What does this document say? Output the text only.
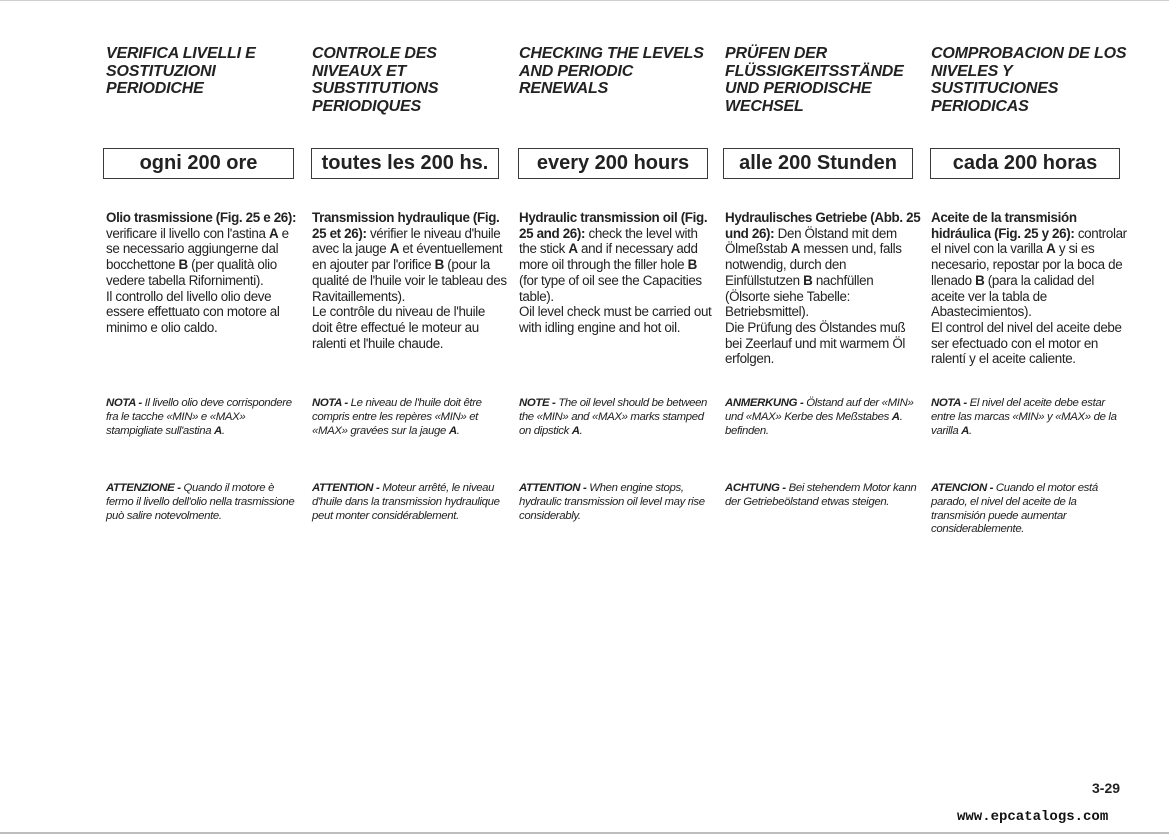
VERIFICA LIVELLI E SOSTITUZIONI PERIODICHE
ogni 200 ore
Olio trasmissione (Fig. 25 e 26): verificare il livello con l'astina A e se necessario aggiungerne dal bocchettone B (per qualità olio vedere tabella Rifornimenti).
Il controllo del livello olio deve essere effettuato con motore al minimo e olio caldo.
NOTA - Il livello olio deve corrispondere fra le tacche «MIN» e «MAX» stampigliate sull'astina A.
ATTENZIONE - Quando il motore è fermo il livello dell'olio nella trasmissione può salire notevolmente.
CONTROLE DES NIVEAUX ET SUBSTITUTIONS PERIODIQUES
toutes les 200 hs.
Transmission hydraulique (Fig. 25 et 26): vérifier le niveau d'huile avec la jauge A et éventuellement en ajouter par l'orifice B (pour la qualité de l'huile voir le tableau des Ravitaillements).
Le contrôle du niveau de l'huile doit être effectué le moteur au ralenti et l'huile chaude.
NOTA - Le niveau de l'huile doit être compris entre les repères «MIN» et «MAX» gravées sur la jauge A.
ATTENTION - Moteur arrêté, le niveau d'huile dans la transmission hydraulique peut monter considérablement.
CHECKING THE LEVELS AND PERIODIC RENEWALS
every 200 hours
Hydraulic transmission oil (Fig. 25 and 26): check the level with the stick A and if necessary add more oil through the filler hole B (for type of oil see the Capacities table).
Oil level check must be carried out with idling engine and hot oil.
NOTE - The oil level should be between the «MIN» and «MAX» marks stamped on dipstick A.
ATTENTION - When engine stops, hydraulic transmission oil level may rise considerably.
PRÜFEN DER FLÜSSIGKEITSSTÄNDE UND PERIODISCHE WECHSEL
alle 200 Stunden
Hydraulisches Getriebe (Abb. 25 und 26): Den Ölstand mit dem Ölmeßstab A messen und, falls notwendig, durch den Einfüllstutzen B nachfüllen (Ölsorte siehe Tabelle: Betriebsmittel).
Die Prüfung des Ölstandes muß bei Zeerlauf und mit warmem Öl erfolgen.
ANMERKUNG - Ölstand auf der «MIN» und «MAX» Kerbe des Meßstabes A. befinden.
ACHTUNG - Bei stehendem Motor kann der Getriebeölstand etwas steigen.
COMPROBACION DE LOS NIVELES Y SUSTITUCIONES PERIODICAS
cada 200 horas
Aceite de la transmisión hidráulica (Fig. 25 y 26): controlar el nivel con la varilla A y si es necesario, repostar por la boca de llenado B (para la calidad del aceite ver la tabla de Abastecimientos).
El control del nivel del aceite debe ser efectuado con el motor en ralentí y el aceite caliente.
NOTA - El nivel del aceite debe estar entre las marcas «MIN» y «MAX» de la varilla A.
ATENCION - Cuando el motor está parado, el nivel del aceite de la transmisión puede aumentar considerablemente.
3-29
www.epcatalogs.com
